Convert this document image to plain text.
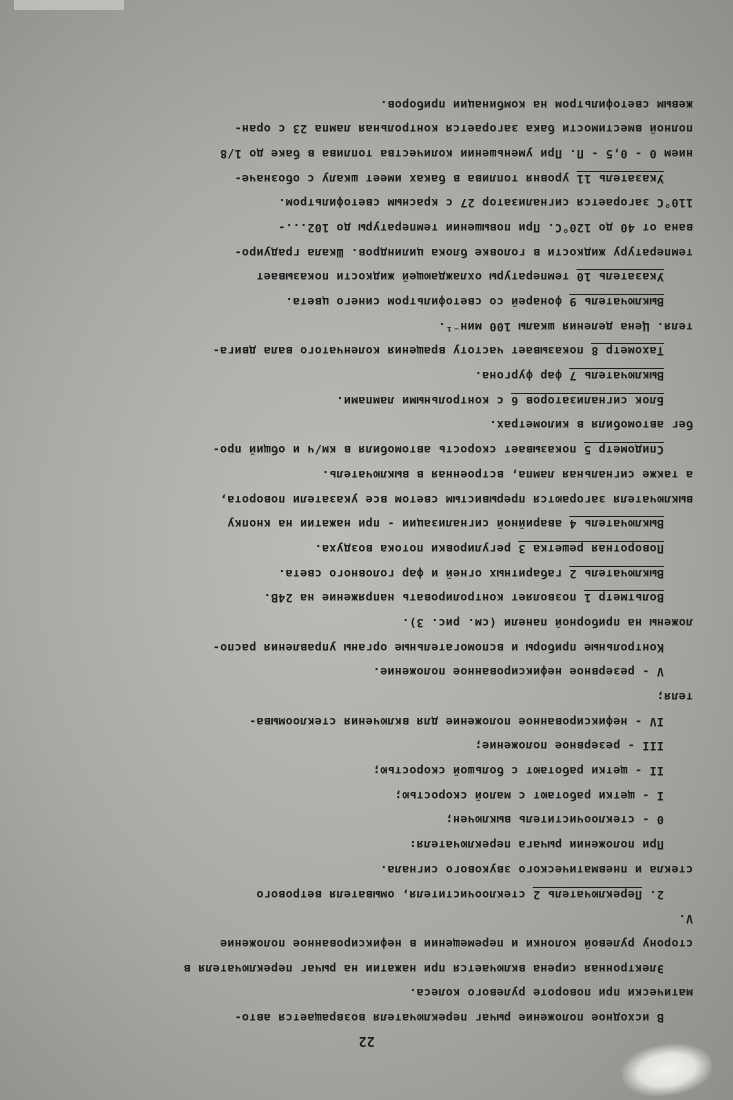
22
В исходное положение рычаг переключателя возвращается авто-
матически при повороте рулевого колеса.
Электронная сирена включается при нажатии на рычаг переключателя в
сторону рулевой колонки и перемещении в нефиксированное положение
V.
2. Переключатель 2 стеклоочистителя, омывателя ветрового
стекла и пневматического звукового сигнала.
При положении рычага переключателя:
0 - стеклоочиститель выключен;
I - щетки работают с малой скоростью;
II - щетки работают с большой скоростью;
III - резервное положение;
IV - нефиксированное положение для включения стеклоомыва-
теля;
V - резервное нефиксированное положение.
Контрольные приборы и вспомогательные органы управления распо-
ложены на приборной панели (см. рис. 3).
Вольтметр 1 позволяет контролировать напряжение на 24В.
Выключатель 2 габаритных огней и фар головного света.
Поворотная решетка 3 регулировки потока воздуха.
Выключатель 4 аварийной сигнализации - при нажатии на кнопку
выключателя загораются прерывистым светом все указатели поворота,
а также сигнальная лампа, встроенная в выключатель.
Спидометр 5 показывает скорость автомобиля в км/ч и общий про-
бег автомобиля в километрах.
Блок сигнализаторов 6 с контрольными лампами.
Выключатель 7 фар фургона.
Тахометр 8 показывает частоту вращения коленчатого вала двига-
теля. Цена деления шкалы 100 мин⁻¹.
Выключатель 9 фонарей со светофильтром синего цвета.
Указатель 10 температуры охлаждающей жидкости показывает
температуру жидкости в головке блока цилиндров. Шкала градуиро-
вана от 40 до 120°С. При повышении температуры до 102...-
110°С загорается сигнализатор 27 с красным светофильтром.
Указатель 11 уровня топлива в баках имеет шкалу с обозначе-
нием 0 - 0,5 - П. При уменьшении количества топлива в баке до 1/8
полной вместимости бака загорается контрольная лампа 23 с оран-
жевым светофильтром на комбинации приборов.
